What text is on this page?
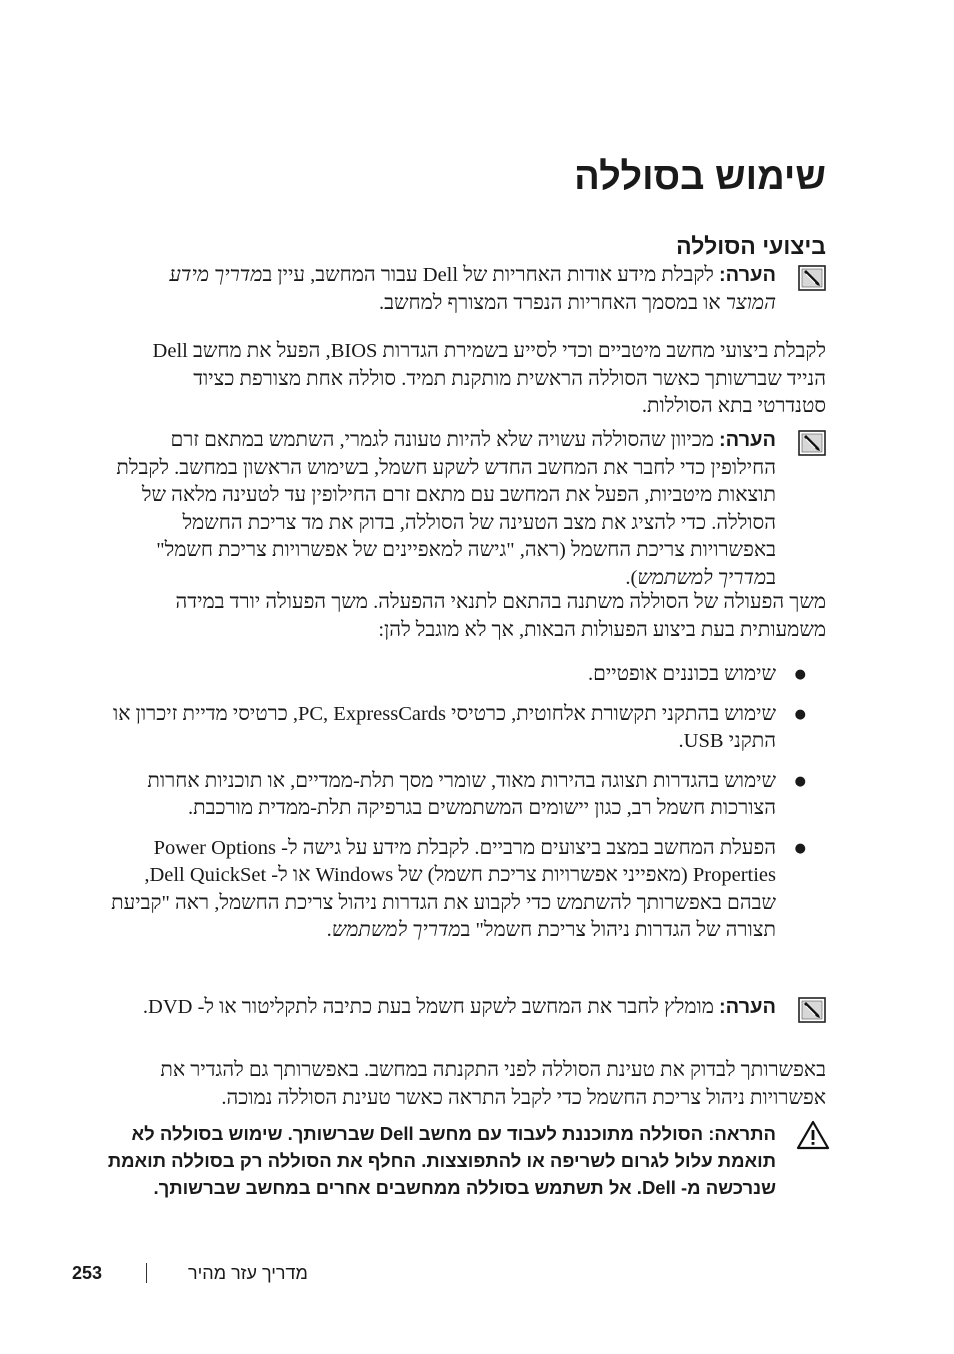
שימוש בסוללה
ביצועי הסוללה

הערה: לקבלת מידע אודות האחריות של Dell עבור המחשב, עיין במדריך מידע המוצר או במסמך האחריות הנפרד המצורף למחשב.

לקבלת ביצועי מחשב מיטביים וכדי לסייע בשמירת הגדרות BIOS, הפעל את מחשב Dell הנייד שברשותך כאשר הסוללה הראשית מותקנת תמיד. סוללה אחת מצורפת כציוד סטנדרטי בתא הסוללות.

הערה: מכיוון שהסוללה עשויה שלא להיות טעונה לגמרי, השתמש במתאם זרם החילופין כדי לחבר את המחשב החדש לשקע חשמל, בשימוש הראשון במחשב. לקבלת תוצאות מיטביות, הפעל את המחשב עם מתאם זרם החילופין עד לטעינה מלאה של הסוללה. כדי להציג את מצב הטעינה של הסוללה, בדוק את מד צריכת החשמל באפשרויות צריכת החשמל (ראה, "גישה למאפיינים של אפשרויות צריכת חשמל" במדריך למשתמש).

משך הפעולה של הסוללה משתנה בהתאם לתנאי ההפעלה. משך הפעולה יורד במידה משמעותית בעת ביצוע הפעולות הבאות, אך לא מוגבל להן:

●
שימוש בכוננים אופטיים.
●
שימוש בהתקני תקשורת אלחוטית, כרטיסי PC, ExpressCards, כרטיסי מדיית זיכרון או התקני USB.
●
שימוש בהגדרות תצוגה בהירות מאוד, שומרי מסך תלת-ממדיים, או תוכניות אחרות הצורכות חשמל רב, כגון יישומים המשתמשים בגרפיקה תלת-ממדית מורכבת.
●
הפעלת המחשב במצב ביצועים מרביים. לקבלת מידע על גישה ל- Power Options Properties (מאפייני אפשרויות צריכת חשמל) של Windows או ל- Dell QuickSet, שבהם באפשרותך להשתמש כדי לקבוע את הגדרות ניהול צריכת החשמל, ראה "קביעת תצורה של הגדרות ניהול צריכת חשמל" במדריך למשתמש.

הערה: מומלץ לחבר את המחשב לשקע חשמל בעת כתיבה לתקליטור או ל- DVD.

באפשרותך לבדוק את טעינת הסוללה לפני התקנתה במחשב. באפשרותך גם להגדיר את אפשרויות ניהול צריכת החשמל כדי לקבל התראה כאשר טעינת הסוללה נמוכה.

התראה: הסוללה מתוכננת לעבוד עם מחשב Dell שברשותך. שימוש בסוללה לא תואמת עלול לגרום לשריפה או להתפוצצות. החלף את הסוללה רק בסוללה תואמת שנרכשה מ- Dell. אל תשתמש בסוללה ממחשבים אחרים במחשב שברשותך.

253	מדריך עזר מהיר
